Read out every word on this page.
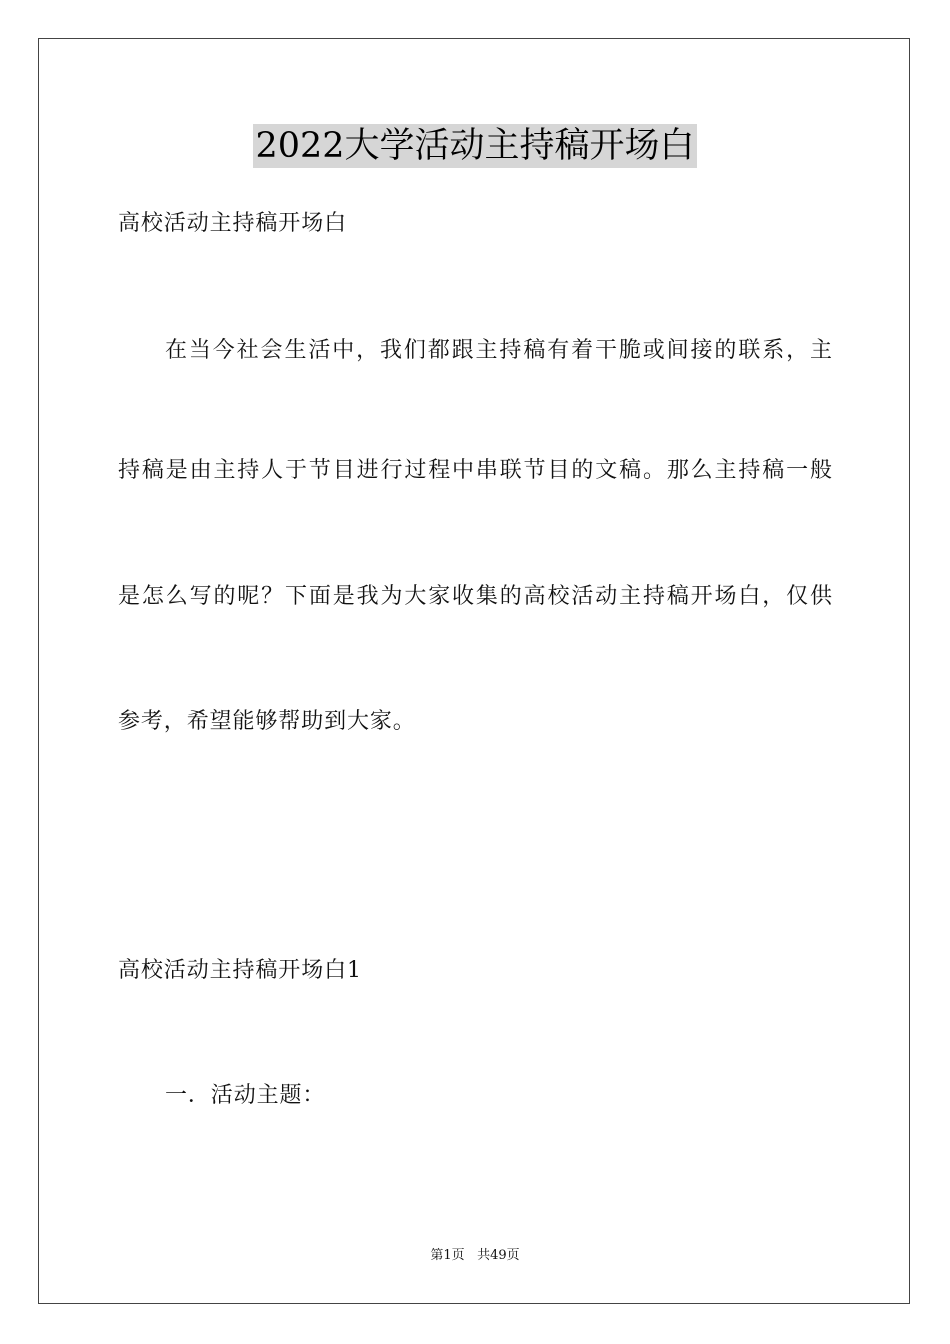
2022大学活动主持稿开场白
高校活动主持稿开场白
在当今社会生活中，我们都跟主持稿有着干脆或间接的联系，主
持稿是由主持人于节目进行过程中串联节目的文稿。那么主持稿一般
是怎么写的呢？下面是我为大家收集的高校活动主持稿开场白，仅供
参考，希望能够帮助到大家。
高校活动主持稿开场白1
一．活动主题：
第1页 共49页
